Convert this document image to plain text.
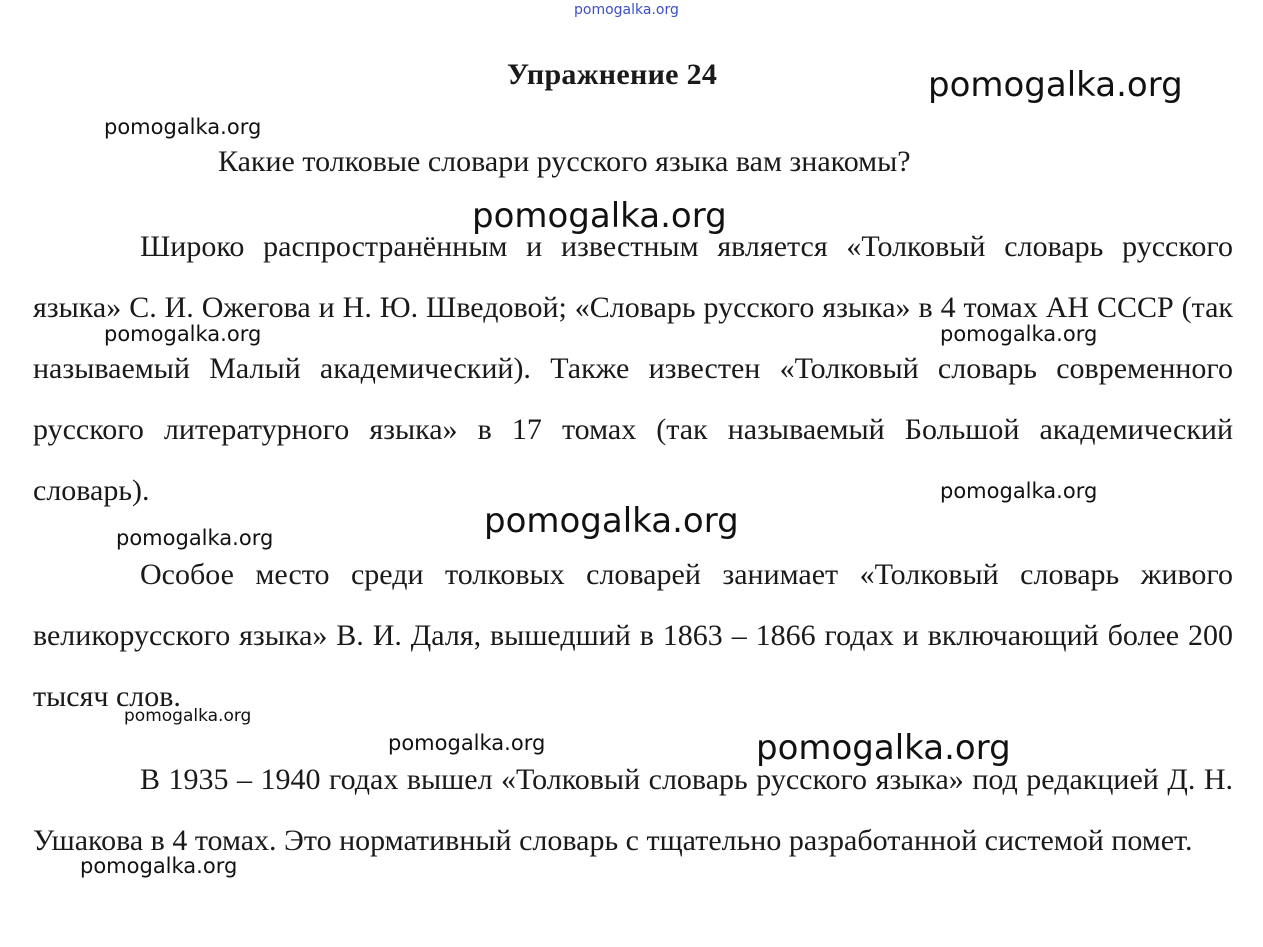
Упражнение 24
Какие толковые словари русского языка вам знакомы?

Широко распространённым и известным является «Толковый словарь русского языка» С. И. Ожегова и Н. Ю. Шведовой; «Словарь русского языка» в 4 томах АН СССР (так называемый Малый академический). Также известен «Толковый словарь современного русского литературного языка» в 17 томах (так называемый Большой академический словарь).

Особое место среди толковых словарей занимает «Толковый словарь живого великорусского языка» В. И. Даля, вышедший в 1863 – 1866 годах и включающий более 200 тысяч слов.

В 1935 – 1940 годах вышел «Толковый словарь русского языка» под редакцией Д. Н. Ушакова в 4 томах. Это нормативный словарь с тщательно разработанной системой помет.

pomogalka.org
pomogalka.org
pomogalka.org
pomogalka.org
pomogalka.org	pomogalka.org
pomogalka.org
pomogalka.org
pomogalka.org
pomogalka.org
pomogalka.org	pomogalka.org
pomogalka.org
